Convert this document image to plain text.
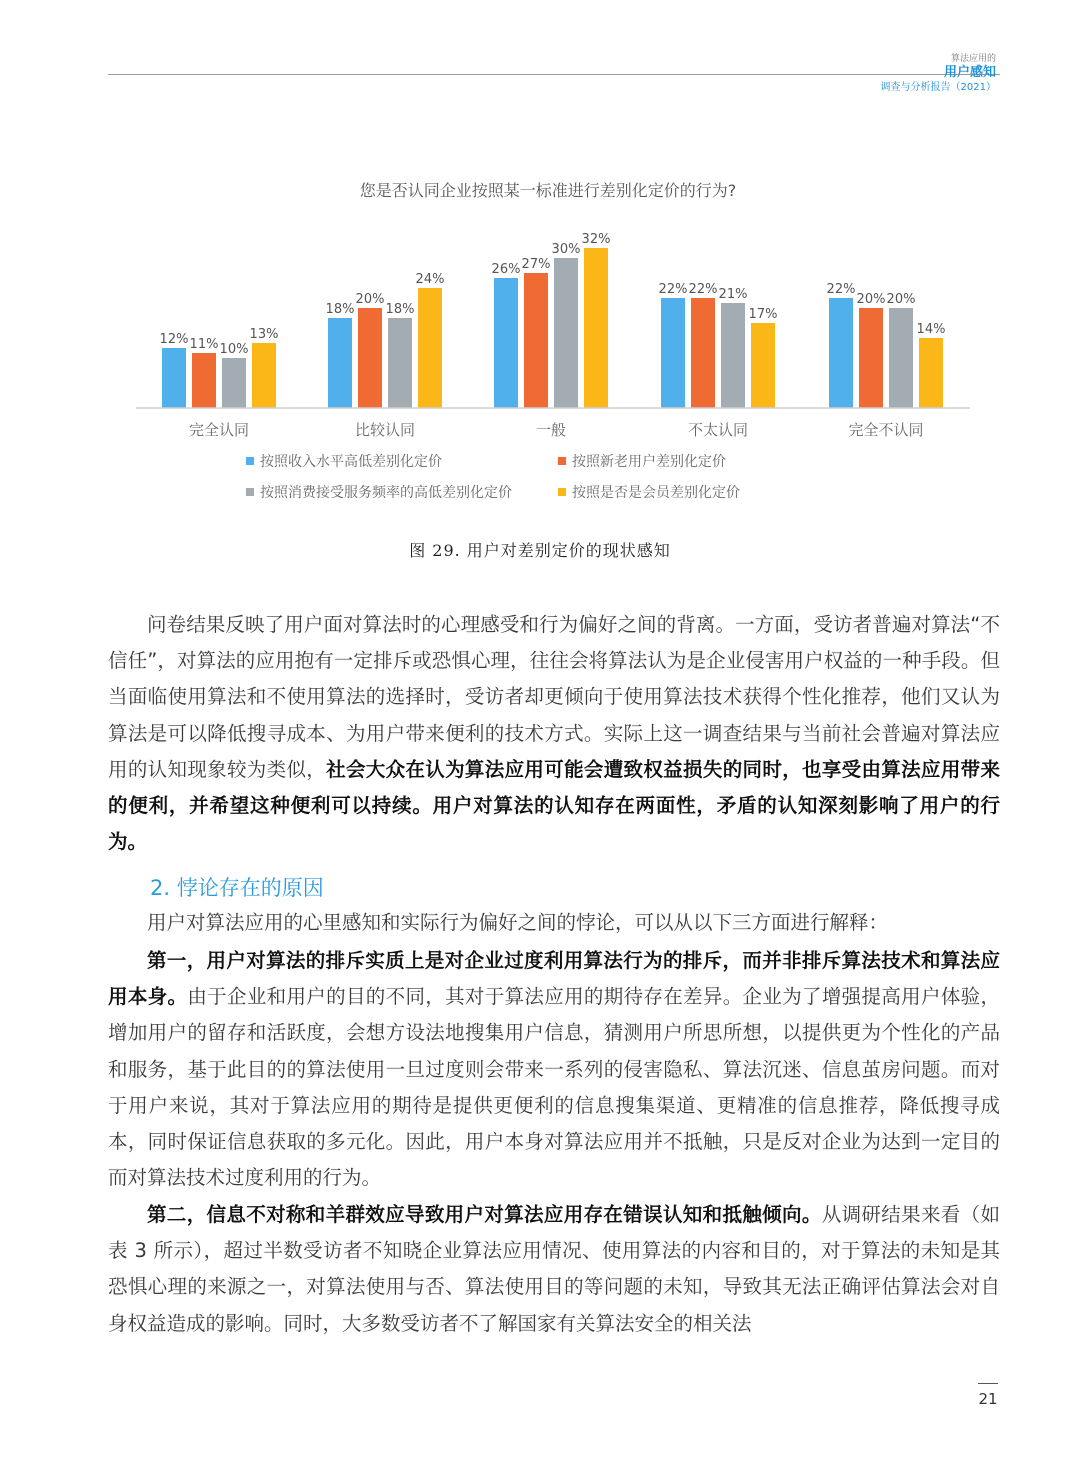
算法应用的
用户感知
调查与分析报告（2021）
您是否认同企业按照某一标准进行差别化定价的行为?
12%
18%
26%
22%	22%
11%
20%
27%
22%
20%
10%
18%
30%
21%	20%
13%
24%
32%
17%
14%
完全认同	比较认同	一般	不太认同	完全不认同
按照收入水平高低差别化定价	按照新老用户差别化定价
按照消费接受服务频率的高低差别化定价	按照是否是会员差别化定价
图 29. 用户对差别定价的现状感知

问卷结果反映了用户面对算法时的心理感受和行为偏好之间的背离。一方面，受访者普遍对算法“不信任”，对算法的应用抱有一定排斥或恐惧心理，往往会将算法认为是企业侵害用户权益的一种手段。但当面临使用算法和不使用算法的选择时，受访者却更倾向于使用算法技术获得个性化推荐，他们又认为算法是可以降低搜寻成本、为用户带来便利的技术方式。实际上这一调查结果与当前社会普遍对算法应用的认知现象较为类似，社会大众在认为算法应用可能会遭致权益损失的同时，也享受由算法应用带来的便利，并希望这种便利可以持续。用户对算法的认知存在两面性，矛盾的认知深刻影响了用户的行为。

2. 悖论存在的原因

用户对算法应用的心里感知和实际行为偏好之间的悖论，可以从以下三方面进行解释：

第一，用户对算法的排斥实质上是对企业过度利用算法行为的排斥，而并非排斥算法技术和算法应用本身。由于企业和用户的目的不同，其对于算法应用的期待存在差异。企业为了增强提高用户体验，增加用户的留存和活跃度，会想方设法地搜集用户信息，猜测用户所思所想，以提供更为个性化的产品和服务，基于此目的的算法使用一旦过度则会带来一系列的侵害隐私、算法沉迷、信息茧房问题。而对于用户来说，其对于算法应用的期待是提供更便利的信息搜集渠道、更精准的信息推荐，降低搜寻成本，同时保证信息获取的多元化。因此，用户本身对算法应用并不抵触，只是反对企业为达到一定目的而对算法技术过度利用的行为。

第二，信息不对称和羊群效应导致用户对算法应用存在错误认知和抵触倾向。从调研结果来看（如表 3 所示），超过半数受访者不知晓企业算法应用情况、使用算法的内容和目的，对于算法的未知是其恐惧心理的来源之一，对算法使用与否、算法使用目的等问题的未知，导致其无法正确评估算法会对自身权益造成的影响。同时，大多数受访者不了解国家有关算法安全的相关法

21
